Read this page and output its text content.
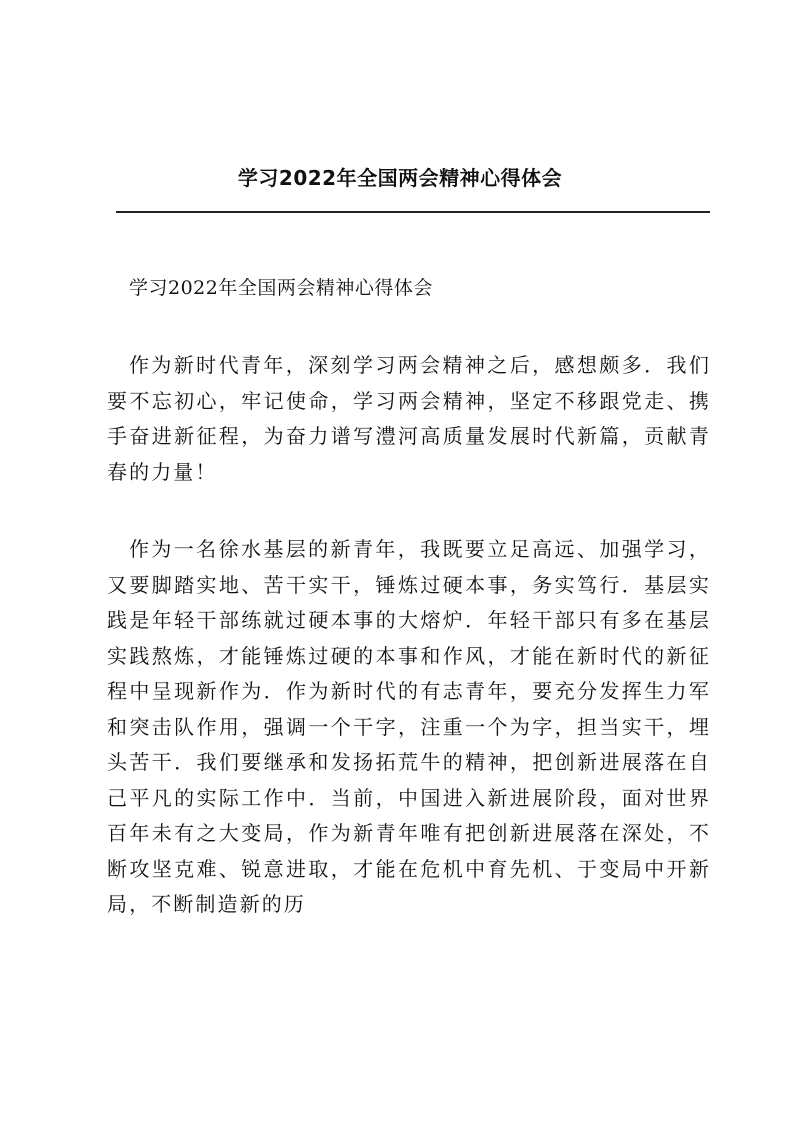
学习2022年全国两会精神心得体会

学习2022年全国两会精神心得体会

作为新时代青年，深刻学习两会精神之后，感想颇多．我们要不忘初心，牢记使命，学习两会精神，坚定不移跟党走、携手奋进新征程，为奋力谱写澧河高质量发展时代新篇，贡献青春的力量！

作为一名徐水基层的新青年，我既要立足高远、加强学习，又要脚踏实地、苦干实干，锤炼过硬本事，务实笃行．基层实践是年轻干部练就过硬本事的大熔炉．年轻干部只有多在基层实践熬炼，才能锤炼过硬的本事和作风，才能在新时代的新征程中呈现新作为．作为新时代的有志青年，要充分发挥生力军和突击队作用，强调一个干字，注重一个为字，担当实干，埋头苦干．我们要继承和发扬拓荒牛的精神，把创新进展落在自己平凡的实际工作中．当前，中国进入新进展阶段，面对世界百年未有之大变局，作为新青年唯有把创新进展落在深处，不断攻坚克难、锐意进取，才能在危机中育先机、于变局中开新局，不断制造新的历
